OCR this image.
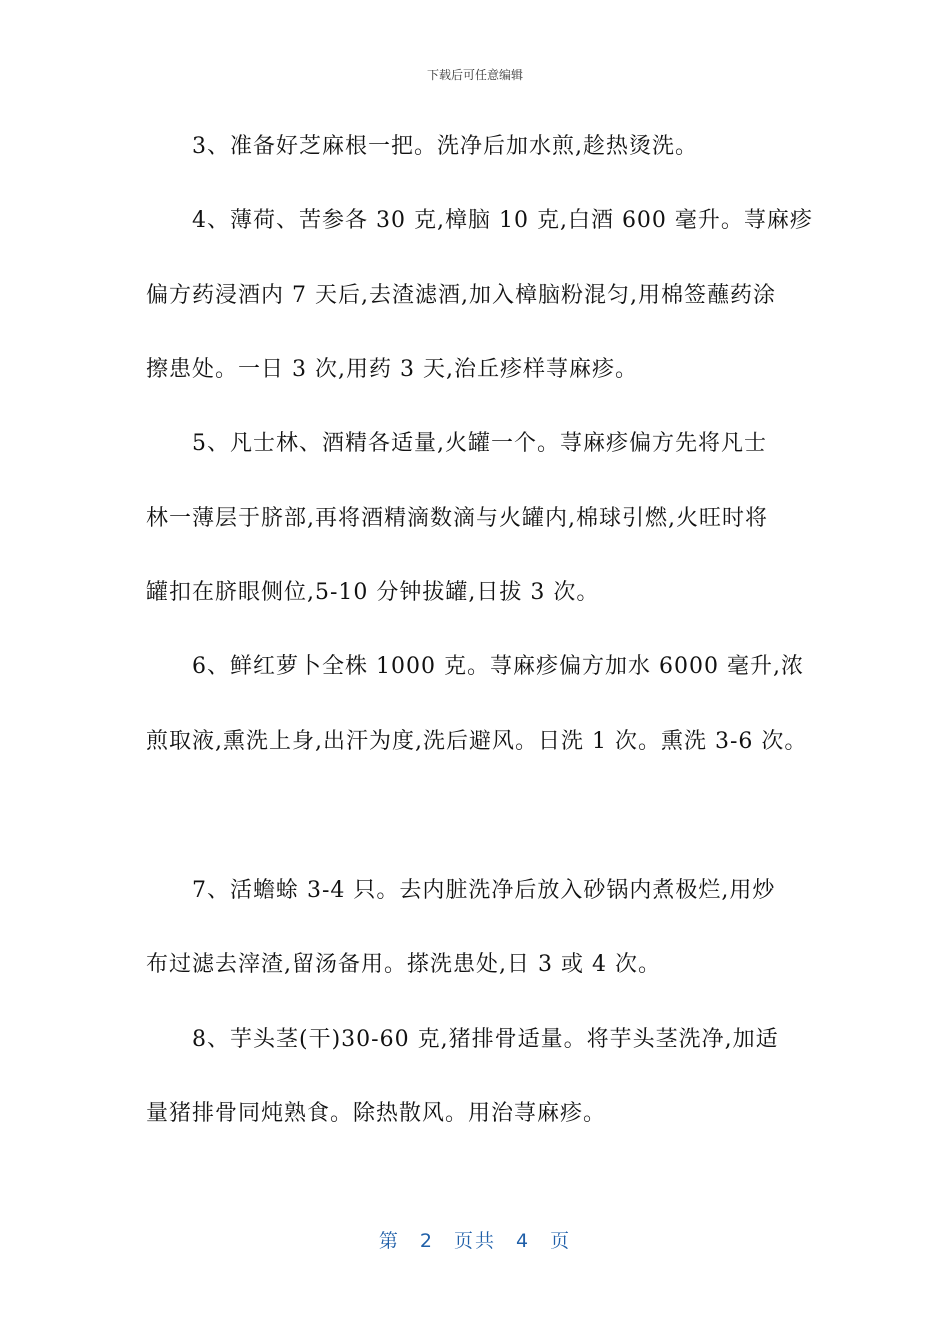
下载后可任意编辑
3、准备好芝麻根一把。洗净后加水煎,趁热烫洗。
4、薄荷、苦参各 30 克,樟脑 10 克,白酒 600 毫升。荨麻疹
偏方药浸酒内 7 天后,去渣滤酒,加入樟脑粉混匀,用棉签蘸药涂
擦患处。一日 3 次,用药 3 天,治丘疹样荨麻疹。
5、凡士林、酒精各适量,火罐一个。荨麻疹偏方先将凡士
林一薄层于脐部,再将酒精滴数滴与火罐内,棉球引燃,火旺时将
罐扣在脐眼侧位,5-10 分钟拔罐,日拔 3 次。
6、鲜红萝卜全株 1000 克。荨麻疹偏方加水 6000 毫升,浓
煎取液,熏洗上身,出汗为度,洗后避风。日洗 1 次。熏洗 3-6 次。
7、活蟾蜍 3-4 只。去内脏洗净后放入砂锅内煮极烂,用炒
布过滤去滓渣,留汤备用。搽洗患处,日 3 或 4 次。
8、芋头茎(干)30-60 克,猪排骨适量。将芋头茎洗净,加适
量猪排骨同炖熟食。除热散风。用治荨麻疹。
第 2 页共 4 页
